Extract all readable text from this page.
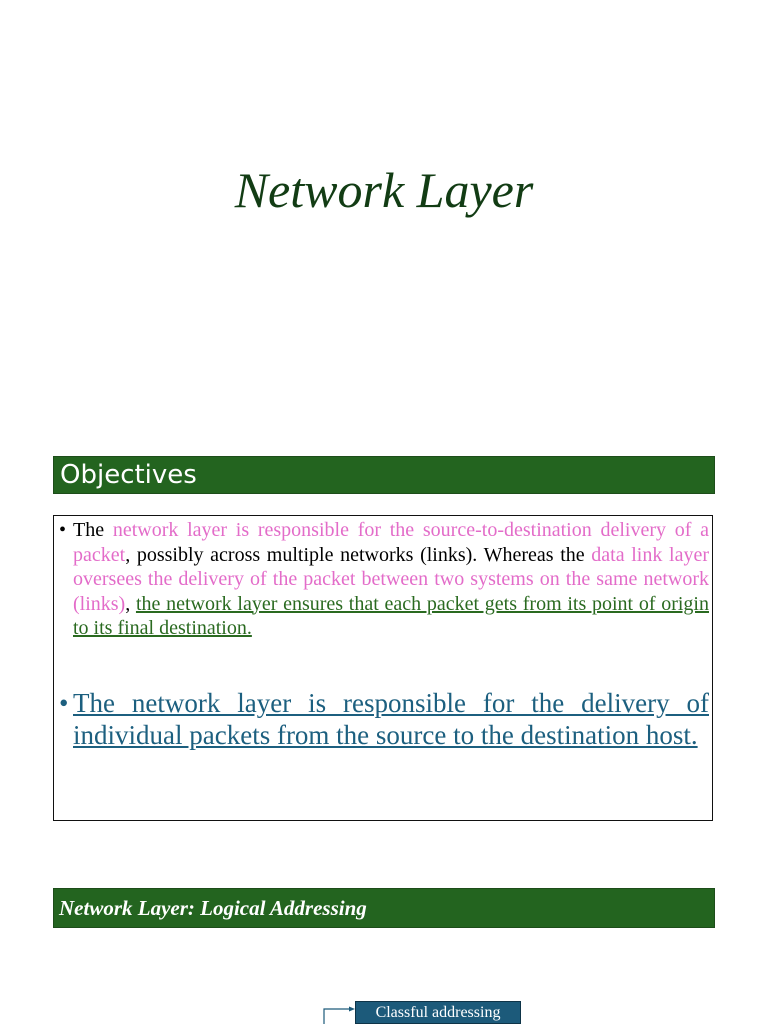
Network Layer
Objectives
• The network layer is responsible for the source-to-destination delivery of a packet, possibly across multiple networks (links). Whereas the data link layer oversees the delivery of the packet between two systems on the same network (links), the network layer ensures that each packet gets from its point of origin to its final destination.
• The network layer is responsible for the delivery of individual packets from the source to the destination host.
Network Layer: Logical Addressing
Classful addressing
